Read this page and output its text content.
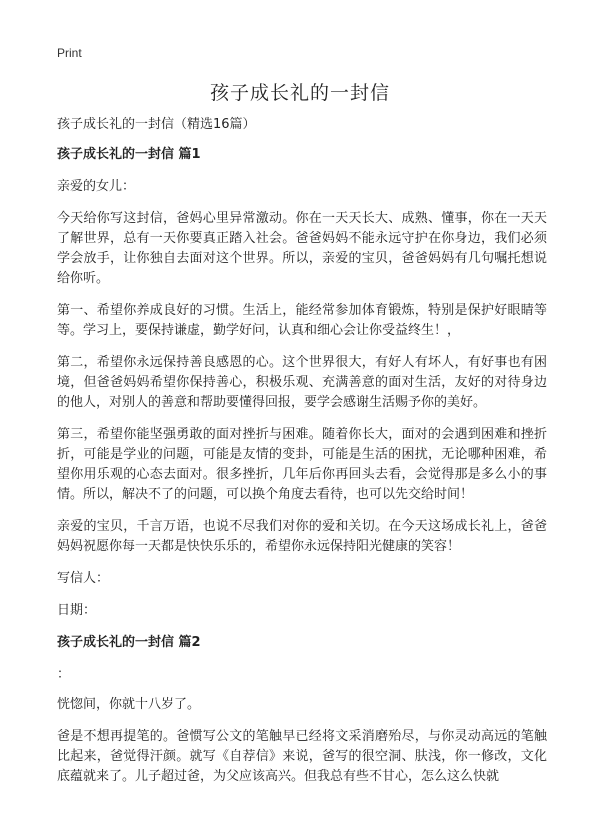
Print
孩子成长礼的一封信

孩子成长礼的一封信（精选16篇）

孩子成长礼的一封信 篇1

亲爱的女儿：

今天给你写这封信，爸妈心里异常激动。你在一天天长大、成熟、懂事，你在一天天了解世界，总有一天你要真正踏入社会。爸爸妈妈不能永远守护在你身边，我们必须学会放手，让你独自去面对这个世界。所以，亲爱的宝贝，爸爸妈妈有几句嘱托想说给你听。

第一、希望你养成良好的习惯。生活上，能经常参加体育锻炼，特别是保护好眼睛等等。学习上，要保持谦虚，勤学好问，认真和细心会让你受益终生！，

第二，希望你永远保持善良感恩的心。这个世界很大，有好人有坏人，有好事也有困境，但爸爸妈妈希望你保持善心，积极乐观、充满善意的面对生活，友好的对待身边的他人，对别人的善意和帮助要懂得回报，要学会感谢生活赐予你的美好。

第三，希望你能坚强勇敢的面对挫折与困难。随着你长大，面对的会遇到困难和挫折折，可能是学业的问题，可能是友情的变卦，可能是生活的困扰，无论哪种困难，希望你用乐观的心态去面对。很多挫折，几年后你再回头去看，会觉得那是多么小的事情。所以，解决不了的问题，可以换个角度去看待，也可以先交给时间！

亲爱的宝贝，千言万语，也说不尽我们对你的爱和关切。在今天这场成长礼上，爸爸妈妈祝愿你每一天都是快快乐乐的，希望你永远保持阳光健康的笑容！

写信人：

日期：

孩子成长礼的一封信 篇2

：

恍惚间，你就十八岁了。

爸是不想再提笔的。爸惯写公文的笔触早已经将文采消磨殆尽，与你灵动高远的笔触比起来，爸觉得汗颜。就写《自荐信》来说，爸写的很空洞、肤浅，你一修改，文化底蕴就来了。儿子超过爸，为父应该高兴。但我总有些不甘心，怎么这么快就
